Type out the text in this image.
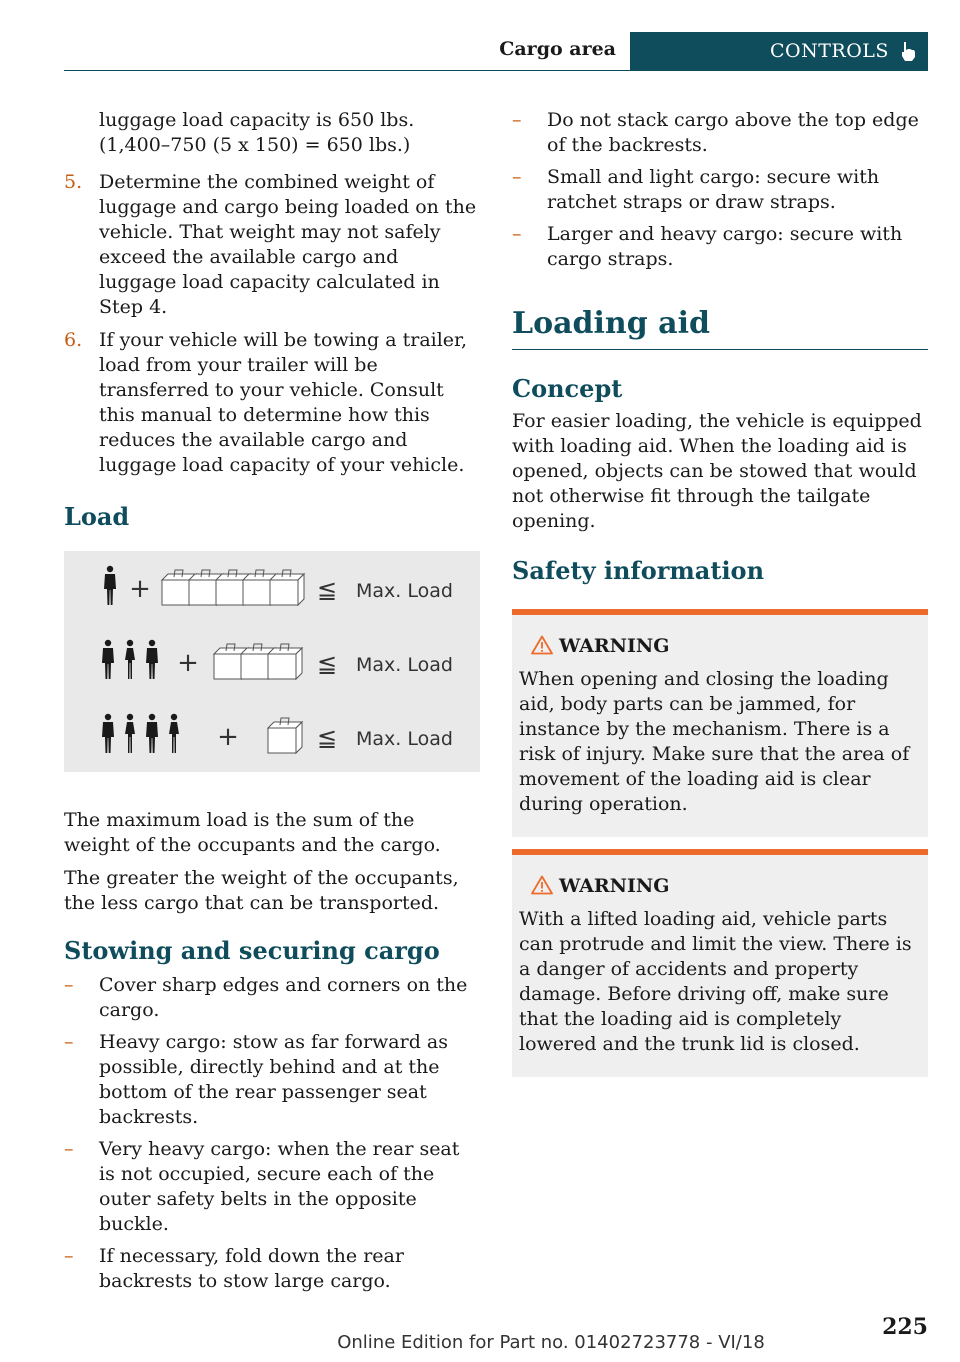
Cargo area	CONTROLS

luggage load capacity is 650 lbs. (1,400–750 (5 x 150) = 650 lbs.)

5. Determine the combined weight of luggage and cargo being loaded on the vehicle. That weight may not safely exceed the available cargo and luggage load capacity calculated in Step 4.
6. If your vehicle will be towing a trailer, load from your trailer will be transferred to your vehicle. Consult this manual to determine how this reduces the available cargo and luggage load capacity of your vehicle.
Load
+	≦ Max. Load
+	≦ Max. Load
+	≦ Max. Load

The maximum load is the sum of the weight of the occupants and the cargo.

The greater the weight of the occupants, the less cargo that can be transported.

Stowing and securing cargo
– Cover sharp edges and corners on the cargo.
– Heavy cargo: stow as far forward as possible, directly behind and at the bottom of the rear passenger seat backrests.
– Very heavy cargo: when the rear seat is not occupied, secure each of the outer safety belts in the opposite buckle.
– If necessary, fold down the rear backrests to stow large cargo.
– Do not stack cargo above the top edge of the backrests.
– Small and light cargo: secure with ratchet straps or draw straps.
– Larger and heavy cargo: secure with cargo straps.
Loading aid
Concept

For easier loading, the vehicle is equipped with loading aid. When the loading aid is opened, objects can be stowed that would not otherwise fit through the tailgate opening.

Safety information
WARNING

When opening and closing the loading aid, body parts can be jammed, for instance by the mechanism. There is a risk of injury. Make sure that the area of movement of the loading aid is clear during operation.

WARNING

With a lifted loading aid, vehicle parts can protrude and limit the view. There is a danger of accidents and property damage. Before driving off, make sure that the loading aid is completely lowered and the trunk lid is closed.

225
Online Edition for Part no. 01402723778 - VI/18
